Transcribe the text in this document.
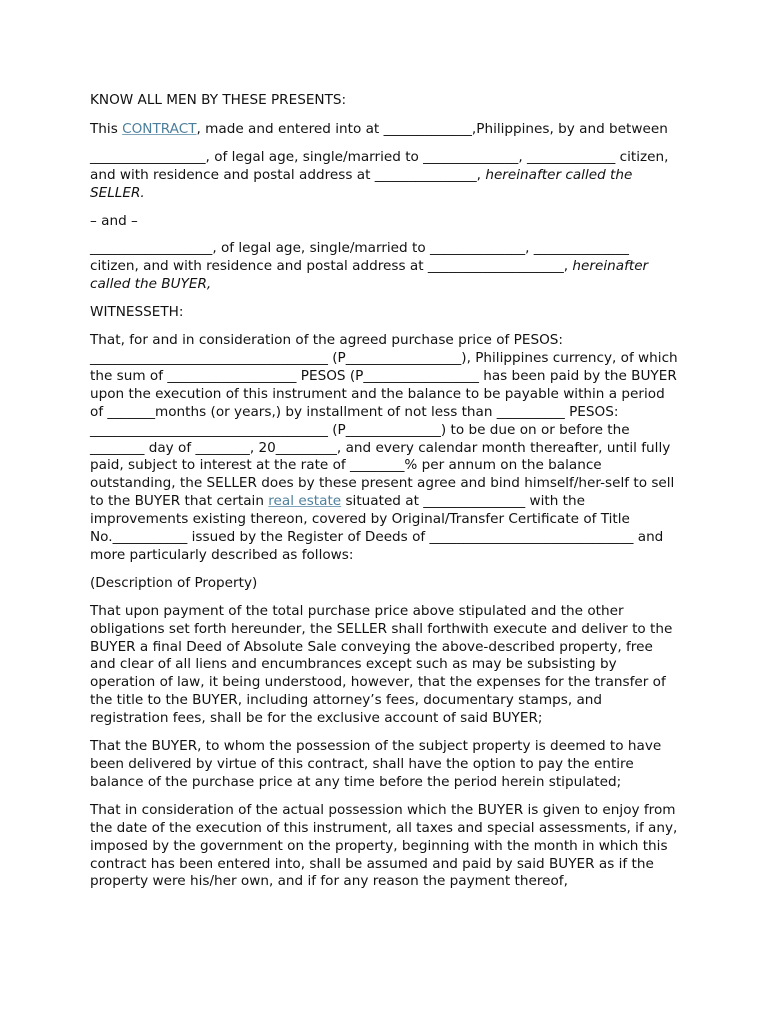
KNOW ALL MEN BY THESE PRESENTS:

This CONTRACT, made and entered into at _____________,Philippines, by and between

_________________, of legal age, single/married to ______________, _____________ citizen, and with residence and postal address at _______________, hereinafter called the SELLER.

– and –

__________________, of legal age, single/married to ______________, ______________ citizen, and with residence and postal address at ____________________, hereinafter called the BUYER,

WITNESSETH:

That, for and in consideration of the agreed purchase price of PESOS: ___________________________________ (P_________________), Philippines currency, of which the sum of ___________________ PESOS (P_________________ has been paid by the BUYER upon the execution of this instrument and the balance to be payable within a period of _______months (or years,) by installment of not less than __________ PESOS: ___________________________________ (P______________) to be due on or before the ________ day of ________, 20_________, and every calendar month thereafter, until fully paid, subject to interest at the rate of ________% per annum on the balance outstanding, the SELLER does by these present agree and bind himself/her-self to sell to the BUYER that certain real estate situated at _______________ with the improvements existing thereon, covered by Original/Transfer Certificate of Title No.___________ issued by the Register of Deeds of ______________________________ and more particularly described as follows:

(Description of Property)

That upon payment of the total purchase price above stipulated and the other obligations set forth hereunder, the SELLER shall forthwith execute and deliver to the BUYER a final Deed of Absolute Sale conveying the above-described property, free and clear of all liens and encumbrances except such as may be subsisting by operation of law, it being understood, however, that the expenses for the transfer of the title to the BUYER, including attorney’s fees, documentary stamps, and registration fees, shall be for the exclusive account of said BUYER;

That the BUYER, to whom the possession of the subject property is deemed to have been delivered by virtue of this contract, shall have the option to pay the entire balance of the purchase price at any time before the period herein stipulated;

That in consideration of the actual possession which the BUYER is given to enjoy from the date of the execution of this instrument, all taxes and special assessments, if any, imposed by the government on the property, beginning with the month in which this contract has been entered into, shall be assumed and paid by said BUYER as if the property were his/her own, and if for any reason the payment thereof,
